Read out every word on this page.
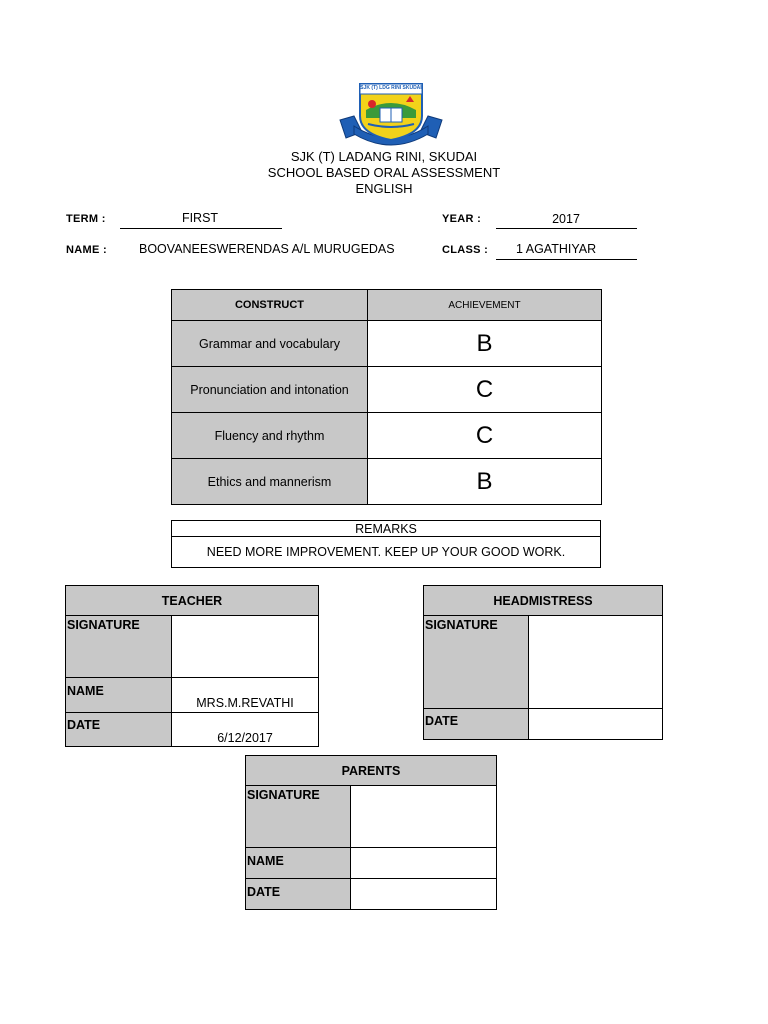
SJK (T) LDG RINI SKUDAI
SJK (T) LADANG RINI, SKUDAI
SCHOOL BASED ORAL ASSESSMENT
ENGLISH
TERM :	FIRST	YEAR :	2017
NAME :	BOOVANEESWERENDAS A/L MURUGEDAS	CLASS : 1 AGATHIYAR
CONSTRUCT	ACHIEVEMENT
Grammar and vocabulary	B
Pronunciation and intonation	C
Fluency and rhythm	C
Ethics and mannerism	B
REMARKS
NEED MORE IMPROVEMENT. KEEP UP YOUR GOOD WORK.
TEACHER	
SIGNATURE	
NAME	MRS.M.REVATHI
DATE	6/12/2017
HEADMISTRESS	
SIGNATURE	
DATE	
PARENTS	
SIGNATURE	
NAME	
DATE	
